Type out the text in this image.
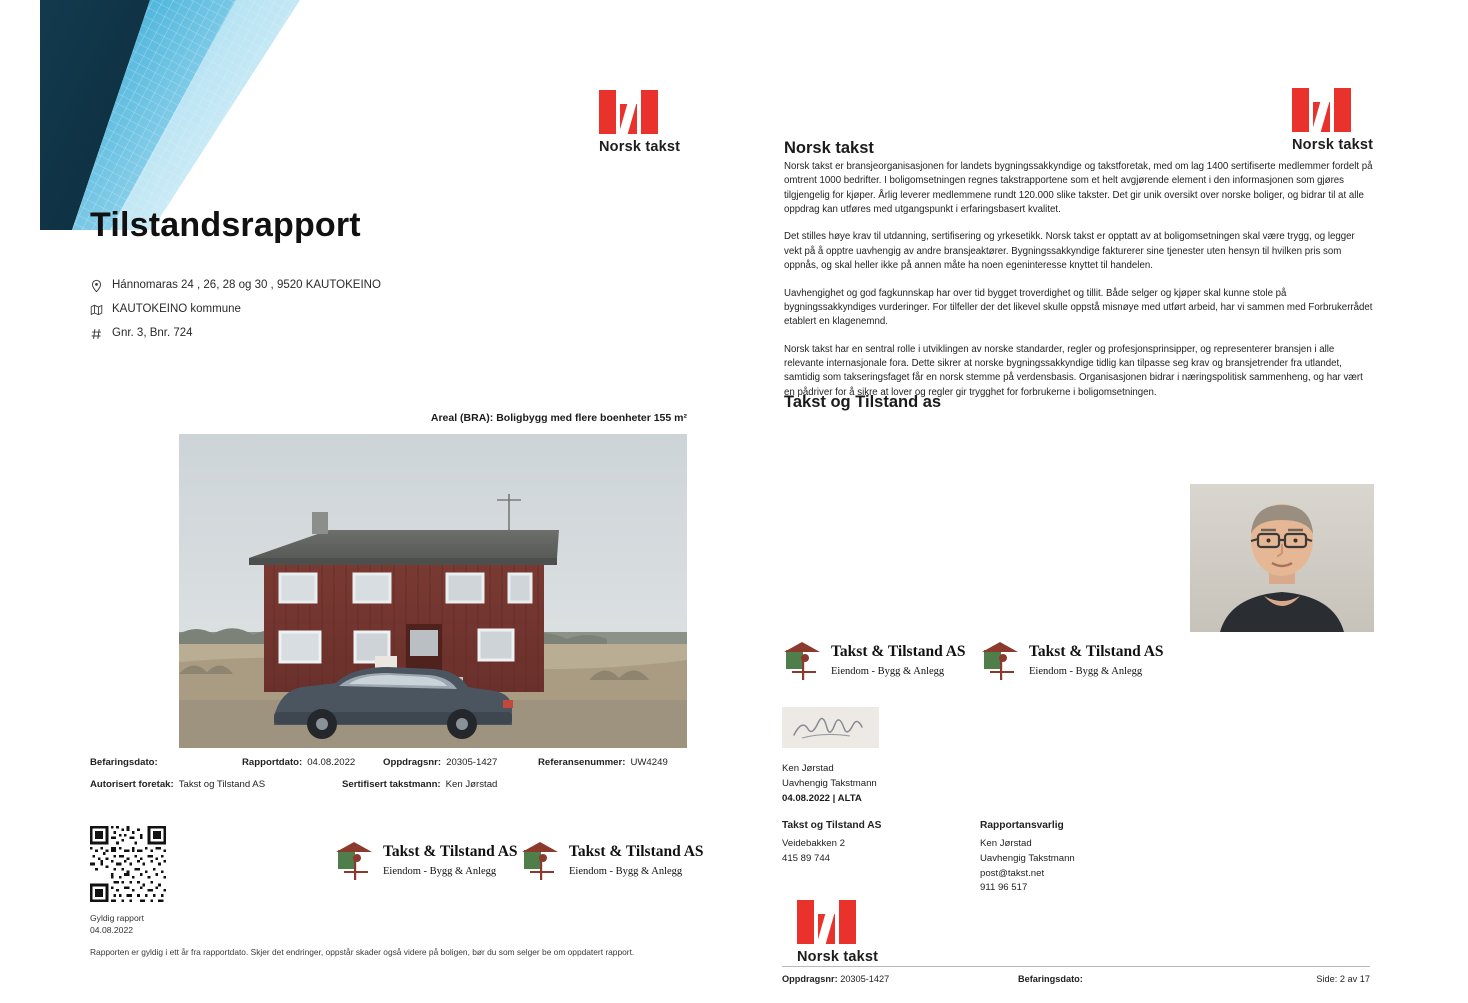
Norsk takst
Tilstandsrapport
Hánnomaras 24 , 26, 28 og 30 , 9520 KAUTOKEINO
KAUTOKEINO kommune
Gnr. 3, Bnr. 724
Areal (BRA): Boligbygg med flere boenheter 155 m²
Befaringsdato:	Rapportdato: 04.08.2022	Oppdragsnr: 20305-1427	Referansenummer: UW4249
Autorisert foretak: Takst og Tilstand AS	Sertifisert takstmann: Ken Jørstad
Takst & Tilstand AS
Eiendom - Bygg & Anlegg
Takst & Tilstand AS
Eiendom - Bygg & Anlegg
Gyldig rapport
04.08.2022
Rapporten er gyldig i ett år fra rapportdato. Skjer det endringer, oppstår skader også videre på boligen, bør du som selger be om oppdatert rapport.
Norsk takst
Norsk takst

Norsk takst er bransjeorganisasjonen for landets bygningssakkyndige og takstforetak, med om lag 1400 sertifiserte medlemmer fordelt på omtrent 1000 bedrifter. I boligomsetningen regnes takstrapportene som et helt avgjørende element i den informasjonen som gjøres tilgjengelig for kjøper. Årlig leverer medlemmene rundt 120.000 slike takster. Det gir unik oversikt over norske boliger, og bidrar til at alle oppdrag kan utføres med utgangspunkt i erfaringsbasert kvalitet.

Det stilles høye krav til utdanning, sertifisering og yrkesetikk. Norsk takst er opptatt av at boligomsetningen skal være trygg, og legger vekt på å opptre uavhengig av andre bransjeaktører. Bygningssakkyndige fakturerer sine tjenester uten hensyn til hvilken pris som oppnås, og skal heller ikke på annen måte ha noen egeninteresse knyttet til handelen.

Uavhengighet og god fagkunnskap har over tid bygget troverdighet og tillit. Både selger og kjøper skal kunne stole på bygningssakkyndiges vurderinger. For tilfeller der det likevel skulle oppstå misnøye med utført arbeid, har vi sammen med Forbrukerrådet etablert en klagenemnd.

Norsk takst har en sentral rolle i utviklingen av norske standarder, regler og profesjonsprinsipper, og representerer bransjen i alle relevante internasjonale fora. Dette sikrer at norske bygningssakkyndige tidlig kan tilpasse seg krav og bransjetrender fra utlandet, samtidig som takseringsfaget får en norsk stemme på verdensbasis. Organisasjonen bidrar i næringspolitisk sammenheng, og har vært en pådriver for å sikre at lover og regler gir trygghet for forbrukerne i boligomsetningen.

Takst og Tilstand as
Takst & Tilstand AS
Eiendom - Bygg & Anlegg
Takst & Tilstand AS
Eiendom - Bygg & Anlegg
Ken Jørstad
Uavhengig Takstmann
04.08.2022 | ALTA
Takst og Tilstand AS
Veidebakken 2
415 89 744
Rapportansvarlig
Ken Jørstad
Uavhengig Takstmann
post@takst.net
911 96 517
Norsk takst
Oppdragsnr: 20305-1427	Befaringsdato:	Side: 2 av 17
